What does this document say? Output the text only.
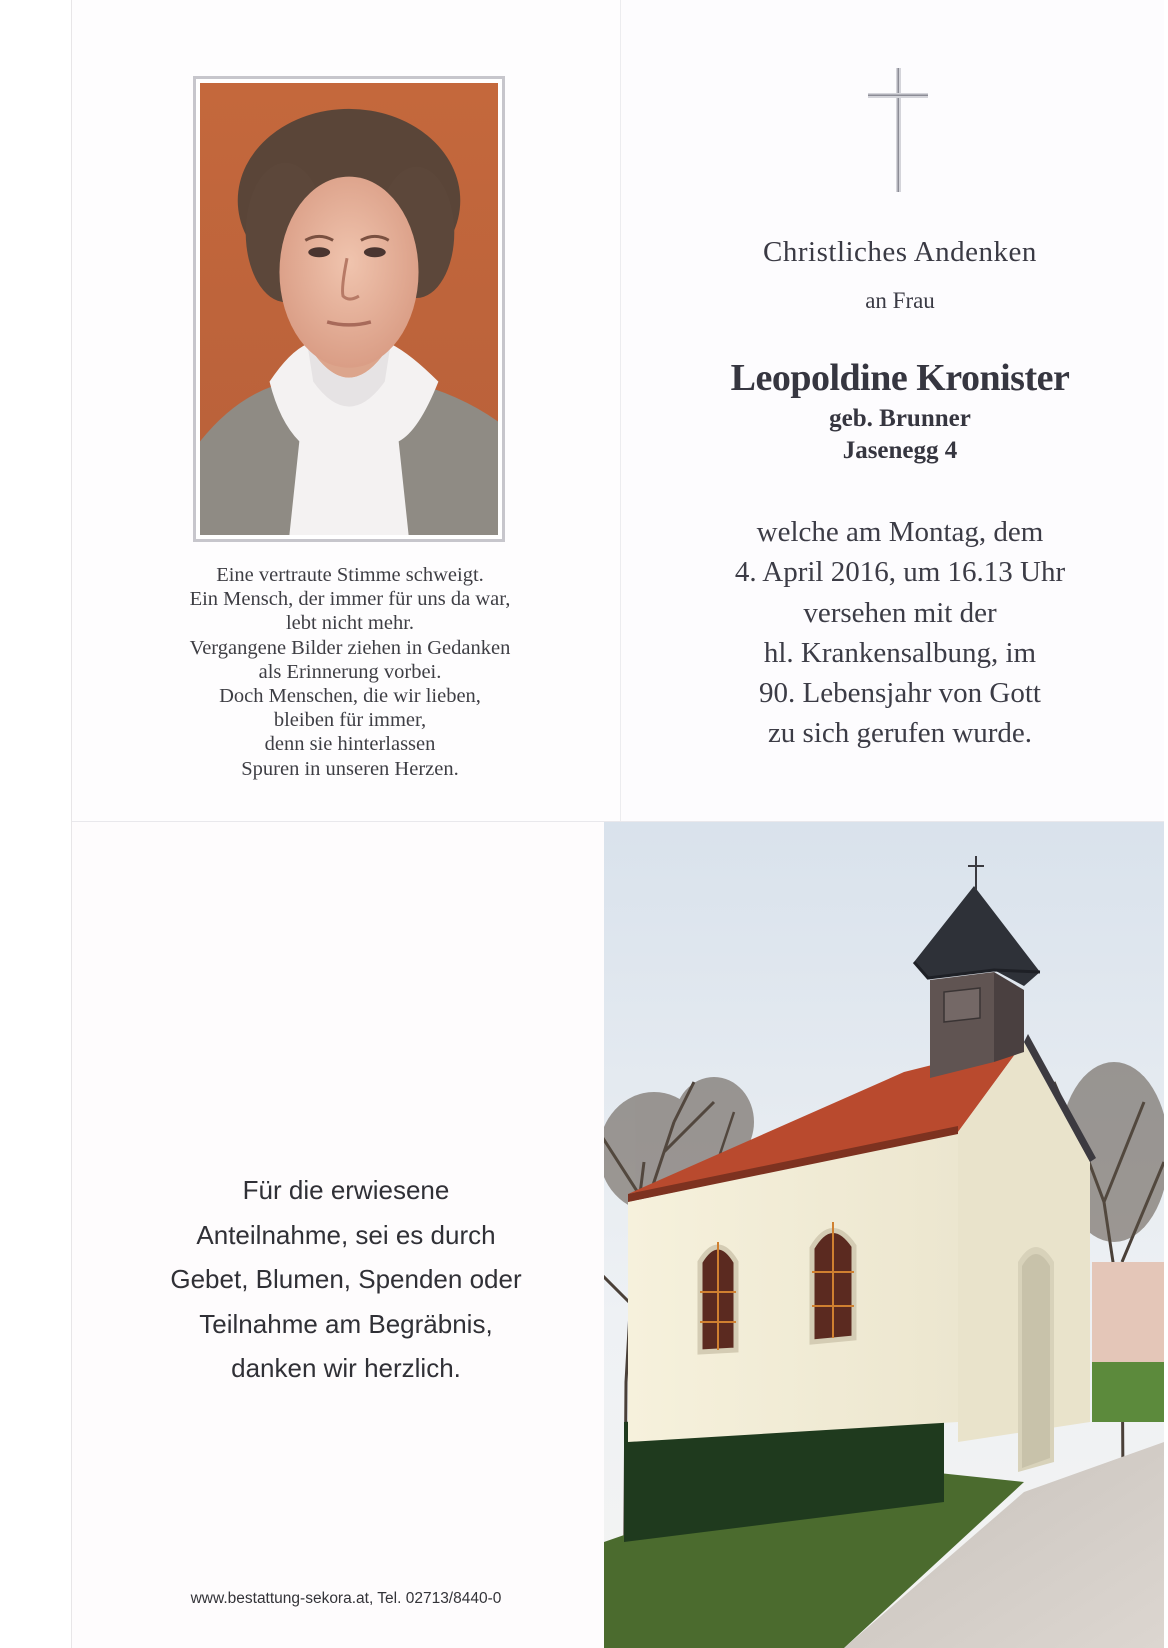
Eine vertraute Stimme schweigt.
Ein Mensch, der immer für uns da war,
lebt nicht mehr.
Vergangene Bilder ziehen in Gedanken
als Erinnerung vorbei.
Doch Menschen, die wir lieben,
bleiben für immer,
denn sie hinterlassen
Spuren in unseren Herzen.
Christliches Andenken
an Frau
Leopoldine Kronister
geb. Brunner
Jasenegg 4
welche am Montag, dem
4. April 2016, um 16.13 Uhr
versehen mit der
hl. Krankensalbung, im
90. Lebensjahr von Gott
zu sich gerufen wurde.
Für die erwiesene
Anteilnahme, sei es durch
Gebet, Blumen, Spenden oder
Teilnahme am Begräbnis,
danken wir herzlich.
www.bestattung-sekora.at, Tel. 02713/8440-0
